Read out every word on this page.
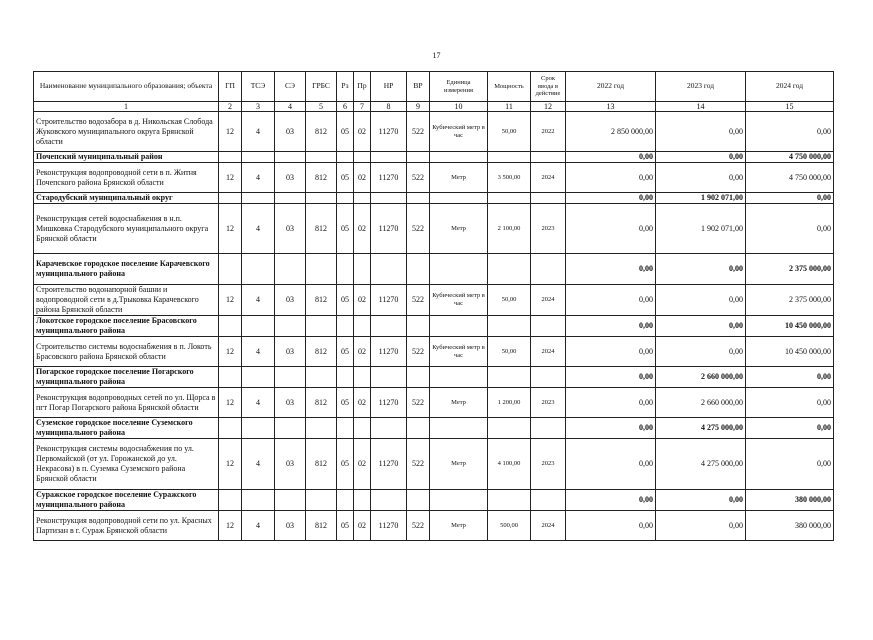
17
Наименование муниципального образования; объекта	ГП	ТСЭ	СЭ	ГРБС	Рз	Пр	НР	ВР	Единица измерения	Мощность	Срок ввода в действие	2022 год	2023 год	2024 год
1	2	3	4	5	6	7	8	9	10	11	12	13	14	15
Строительство водозабора в д. Никольская Слобода Жуковского муниципального округа Брянской области	12	4	03	812	05	02	11270	522	Кубический метр в час	50,00	2022	2 850 000,00	0,00	0,00
Почепский муниципальный район												0,00	0,00	4 750 000,00
Реконструкция водопроводной сети в п. Житня Почепского района Брянской области	12	4	03	812	05	02	11270	522	Метр	3 500,00	2024	0,00	0,00	4 750 000,00
Стародубский муниципальный округ												0,00	1 902 071,00	0,00
Реконструкция сетей водоснабжения в н.п. Мишковка Стародубского муниципального округа Брянской области	12	4	03	812	05	02	11270	522	Метр	2 100,00	2023	0,00	1 902 071,00	0,00
Карачевское городское поселение Карачевского муниципального района												0,00	0,00	2 375 000,00
Строительство водонапорной башни и водопроводной сети в д.Трыковка Карачевского района Брянской области	12	4	03	812	05	02	11270	522	Кубический метр в час	50,00	2024	0,00	0,00	2 375 000,00
Локотское городское поселение Брасовского муниципального района												0,00	0,00	10 450 000,00
Строительство системы водоснабжения в п. Локоть Брасовского района Брянской области	12	4	03	812	05	02	11270	522	Кубический метр в час	50,00	2024	0,00	0,00	10 450 000,00
Погарское городское поселение Погарского муниципального района												0,00	2 660 000,00	0,00
Реконструкция водопроводных сетей по ул. Щорса в пгт Погар Погарского района Брянской области	12	4	03	812	05	02	11270	522	Метр	1 200,00	2023	0,00	2 660 000,00	0,00
Суземское городское поселение Суземского муниципального района												0,00	4 275 000,00	0,00
Реконструкция системы водоснабжения по ул. Первомайской (от ул. Горожанской до ул. Некрасова) в п. Суземка Суземского района Брянской области	12	4	03	812	05	02	11270	522	Метр	4 100,00	2023	0,00	4 275 000,00	0,00
Суражское городское поселение Суражского муниципального района												0,00	0,00	380 000,00
Реконструкция водопроводной сети по ул. Красных Партизан в г. Сураж Брянской области	12	4	03	812	05	02	11270	522	Метр	500,00	2024	0,00	0,00	380 000,00
